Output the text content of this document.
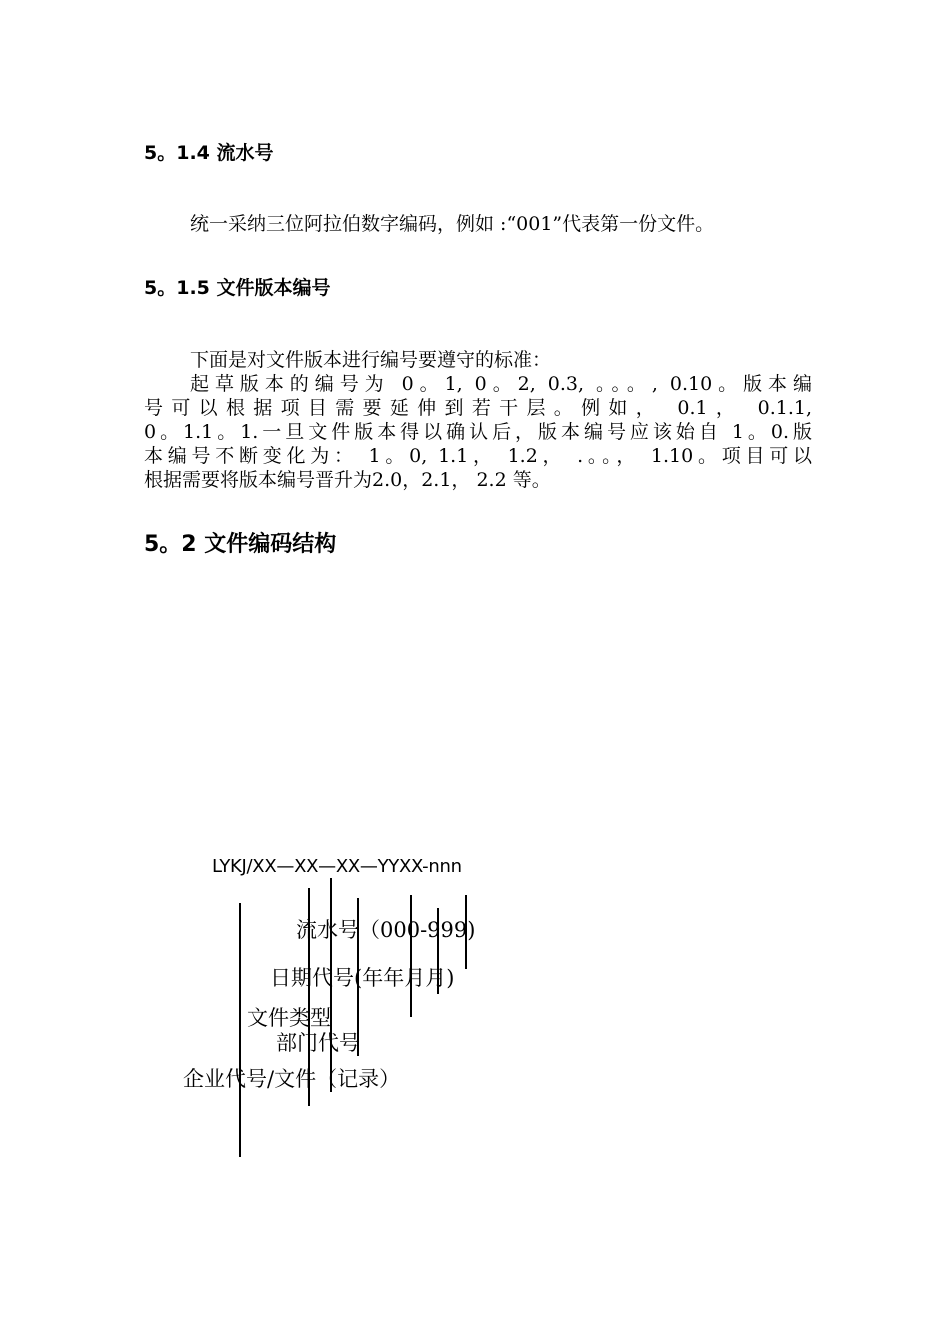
5。1.4 流水号
统一采纳三位阿拉伯数字编码，例如 :“001”代表第一份文件。
5。1.5 文件版本编号
下面是对文件版本进行编号要遵守的标准：
起草版本的编号为 0。1, 0。2, 0.3, 。。。, 0.10。版本编
号可以根据项目需要延伸到若干层。例如， 0.1， 0.1.1,
0。1.1。1.一旦文件版本得以确认后，版本编号应该始自 1。0.版
本编号不断变化为： 1。0, 1.1， 1.2， .。。， 1.10。项目可以
根据需要将版本编号晋升为2.0，2.1， 2.2 等。
5。2 文件编码结构
LYKJ/XX—XX—XX—YYXX-nnn
流水号（000-999)
日期代号(年年月月)
文件类型
部门代号
企业代号/文件（记录）
